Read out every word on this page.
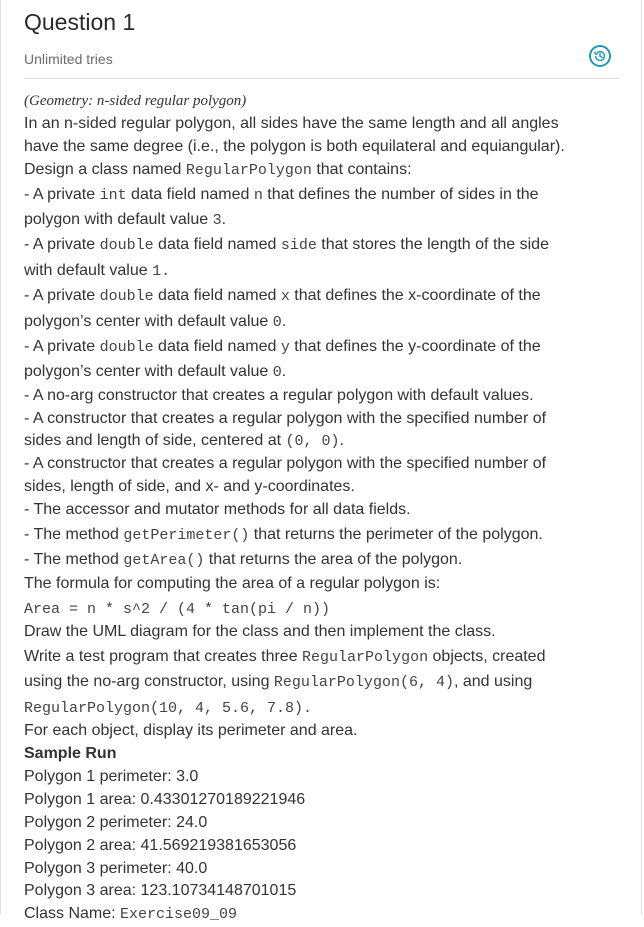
Question 1
Unlimited tries
(Geometry: n-sided regular polygon)
In an n-sided regular polygon, all sides have the same length and all angles
have the same degree (i.e., the polygon is both equilateral and equiangular).
Design a class named RegularPolygon that contains:
- A private int data field named n that defines the number of sides in the
polygon with default value 3.
- A private double data field named side that stores the length of the side
with default value 1.
- A private double data field named x that defines the x-coordinate of the
polygon’s center with default value 0.
- A private double data field named y that defines the y-coordinate of the
polygon’s center with default value 0.
- A no-arg constructor that creates a regular polygon with default values.
- A constructor that creates a regular polygon with the specified number of
sides and length of side, centered at (0, 0).
- A constructor that creates a regular polygon with the specified number of
sides, length of side, and x- and y-coordinates.
- The accessor and mutator methods for all data fields.
- The method getPerimeter() that returns the perimeter of the polygon.
- The method getArea() that returns the area of the polygon.
The formula for computing the area of a regular polygon is:
Area = n * s^2 / (4 * tan(pi / n))
Draw the UML diagram for the class and then implement the class.
Write a test program that creates three RegularPolygon objects, created
using the no-arg constructor, using RegularPolygon(6, 4), and using
RegularPolygon(10, 4, 5.6, 7.8).
For each object, display its perimeter and area.
Sample Run
Polygon 1 perimeter: 3.0
Polygon 1 area: 0.43301270189221946
Polygon 2 perimeter: 24.0
Polygon 2 area: 41.569219381653056
Polygon 3 perimeter: 40.0
Polygon 3 area: 123.10734148701015
Class Name: Exercise09_09
